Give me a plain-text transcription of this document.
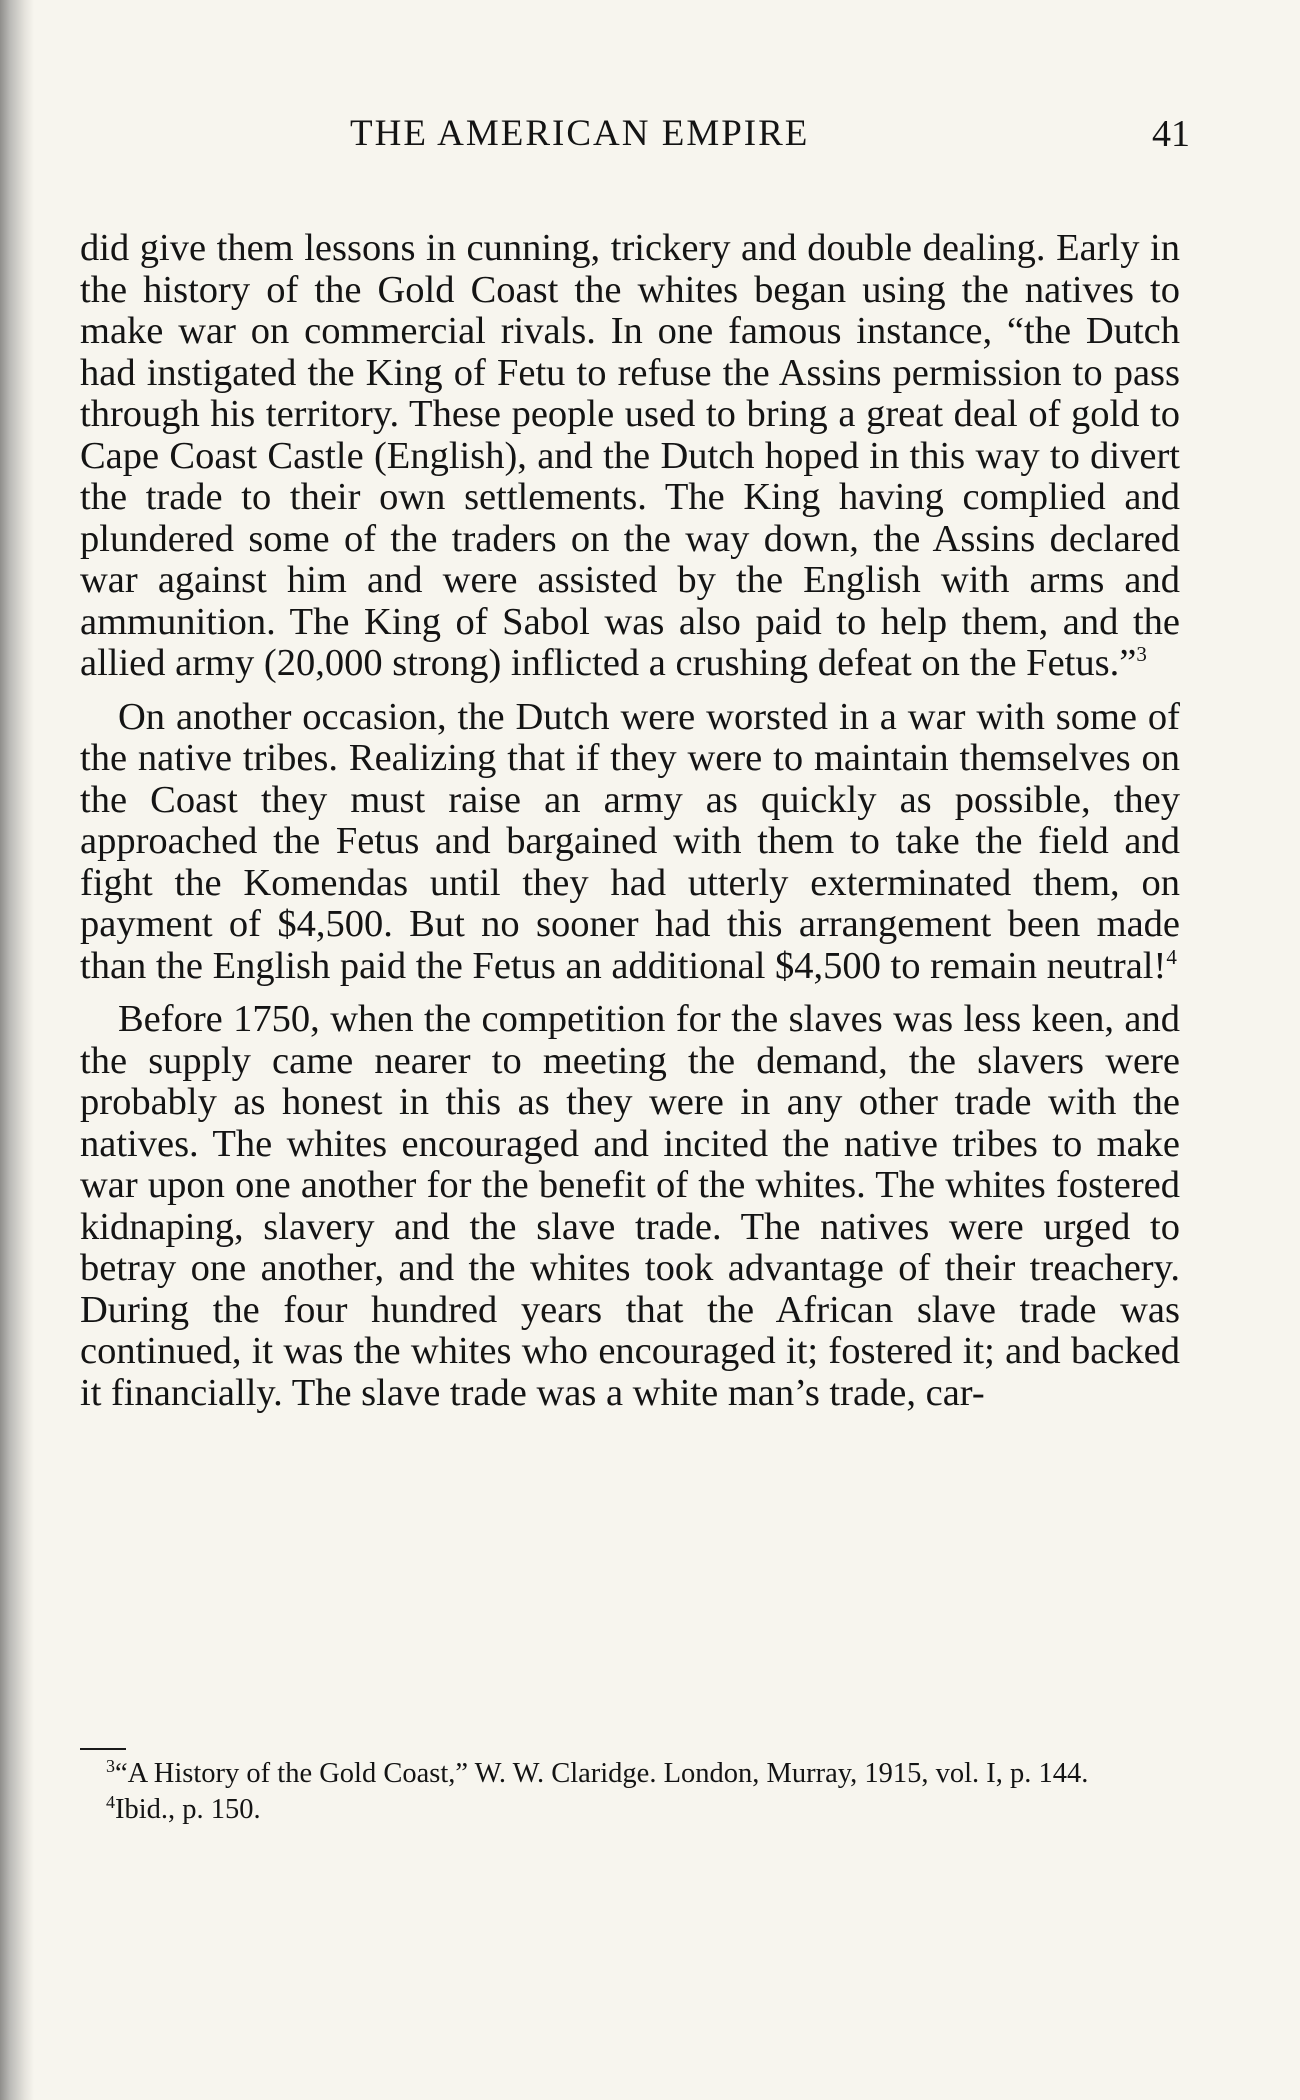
THE AMERICAN EMPIRE	41

did give them lessons in cunning, trickery and double dealing. Early in the history of the Gold Coast the whites began using the natives to make war on commercial rivals. In one famous instance, “the Dutch had instigated the King of Fetu to refuse the Assins permission to pass through his territory. These people used to bring a great deal of gold to Cape Coast Castle (English), and the Dutch hoped in this way to divert the trade to their own settlements. The King having complied and plundered some of the traders on the way down, the Assins declared war against him and were assisted by the English with arms and ammunition. The King of Sabol was also paid to help them, and the allied army (20,000 strong) inflicted a crushing defeat on the Fetus.”$^3$

On another occasion, the Dutch were worsted in a war with some of the native tribes. Realizing that if they were to maintain themselves on the Coast they must raise an army as quickly as possible, they approached the Fetus and bargained with them to take the field and fight the Komendas until they had utterly exterminated them, on payment of $4,500. But no sooner had this arrangement been made than the English paid the Fetus an additional $4,500 to remain neutral!$^4$

Before 1750, when the competition for the slaves was less keen, and the supply came nearer to meeting the demand, the slavers were probably as honest in this as they were in any other trade with the natives. The whites encouraged and incited the native tribes to make war upon one another for the benefit of the whites. The whites fostered kidnaping, slavery and the slave trade. The natives were urged to betray one another, and the whites took advantage of their treachery. During the four hundred years that the African slave trade was continued, it was the whites who encouraged it; fostered it; and backed it financially. The slave trade was a white man’s trade, car-

$^3$“A History of the Gold Coast,” W. W. Claridge. London, Murray, 1915, vol. I, p. 144.

$^4$Ibid., p. 150.
